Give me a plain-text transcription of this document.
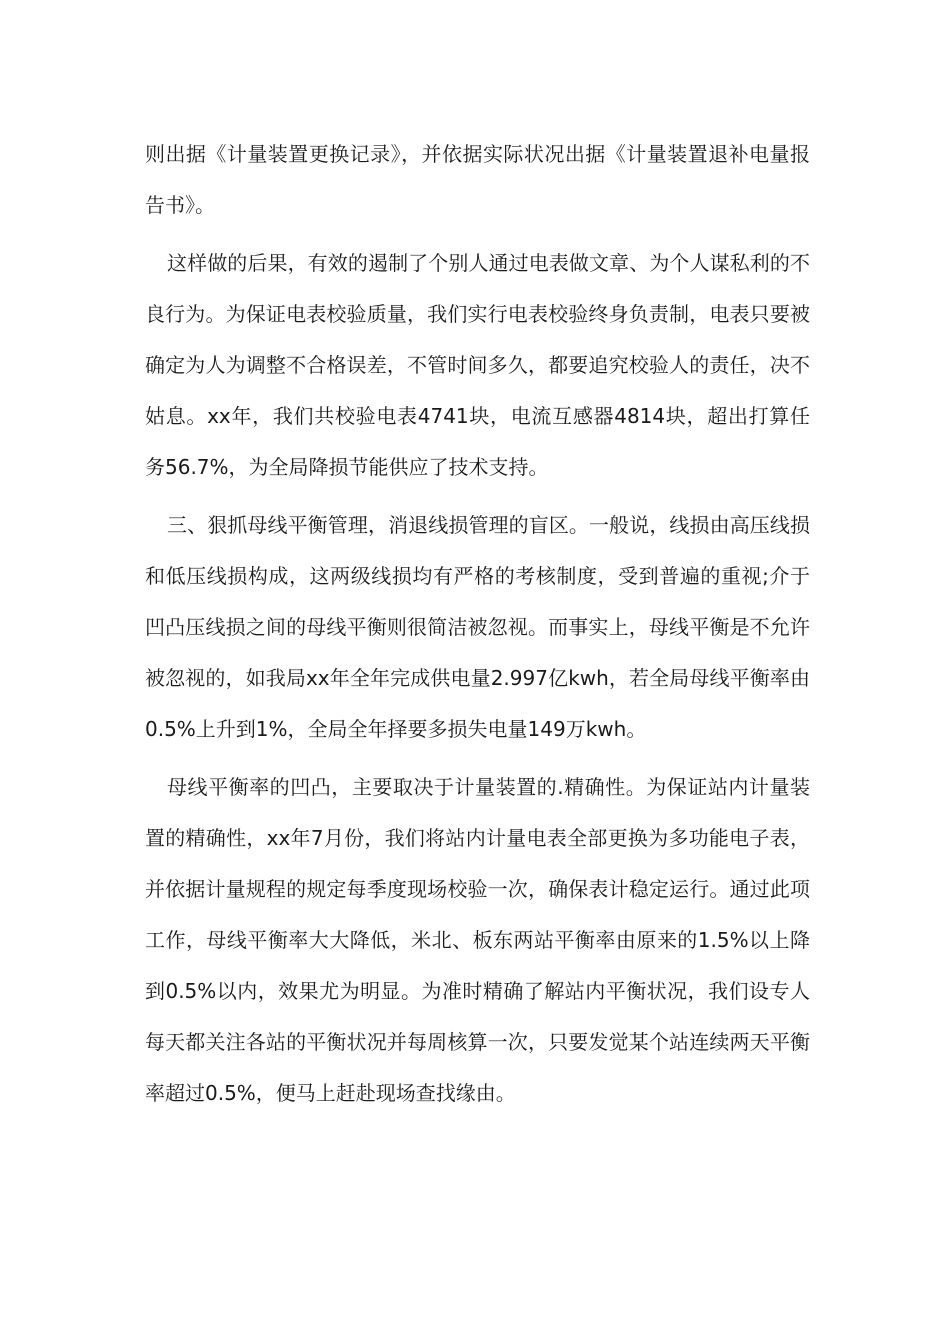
则出据《计量装置更换记录》，并依据实际状况出据《计量装置退补电量报告书》。

这样做的后果，有效的遏制了个别人通过电表做文章、为个人谋私利的不良行为。为保证电表校验质量，我们实行电表校验终身负责制，电表只要被确定为人为调整不合格误差，不管时间多久，都要追究校验人的责任，决不姑息。xx年，我们共校验电表4741块，电流互感器4814块，超出打算任务56.7%，为全局降损节能供应了技术支持。

三、狠抓母线平衡管理，消退线损管理的盲区。一般说，线损由高压线损和低压线损构成，这两级线损均有严格的考核制度，受到普遍的重视;介于凹凸压线损之间的母线平衡则很简洁被忽视。而事实上，母线平衡是不允许被忽视的，如我局xx年全年完成供电量2.997亿kwh，若全局母线平衡率由0.5%上升到1%，全局全年择要多损失电量149万kwh。

母线平衡率的凹凸，主要取决于计量装置的.精确性。为保证站内计量装置的精确性，xx年7月份，我们将站内计量电表全部更换为多功能电子表，并依据计量规程的规定每季度现场校验一次，确保表计稳定运行。通过此项工作，母线平衡率大大降低，米北、板东两站平衡率由原来的1.5%以上降到0.5%以内，效果尤为明显。为准时精确了解站内平衡状况，我们设专人每天都关注各站的平衡状况并每周核算一次，只要发觉某个站连续两天平衡率超过0.5%，便马上赶赴现场查找缘由。
